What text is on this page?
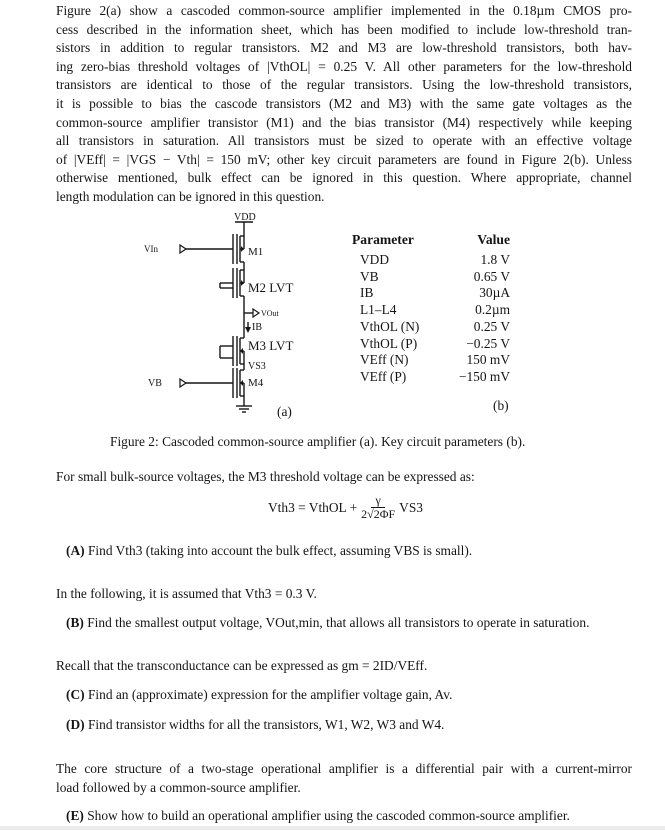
Figure 2(a) show a cascoded common-source amplifier implemented in the 0.18µm CMOS pro-
cess described in the information sheet, which has been modified to include low-threshold tran-
sistors in addition to regular transistors. M2 and M3 are low-threshold transistors, both hav-
ing zero-bias threshold voltages of |VthOL| = 0.25 V. All other parameters for the low-threshold
transistors are identical to those of the regular transistors. Using the low-threshold transistors,
it is possible to bias the cascode transistors (M2 and M3) with the same gate voltages as the
common-source amplifier transistor (M1) and the bias transistor (M4) respectively while keeping
all transistors in saturation. All transistors must be sized to operate with an effective voltage
of |VEff| = |VGS − Vth| = 150 mV; other key circuit parameters are found in Figure 2(b). Unless
otherwise mentioned, bulk effect can be ignored in this question. Where appropriate, channel
length modulation can be ignored in this question.

VDD
VIn	M1
M2 LVT
VOut
IB
M3 LVT
VS3
M4
VB
Parameter	Value
VDD	1.8 V
VB	0.65 V
IB	30µA
L1–L4	0.2µm
VthOL (N)	0.25 V
VthOL (P)	−0.25 V
VEff (N)	150 mV
VEff (P)	−150 mV
(a)	(b)
Figure 2: Cascoded common-source amplifier (a). Key circuit parameters (b).
For small bulk-source voltages, the M3 threshold voltage can be expressed as:
Vth3 = VthOL + $\frac{\gamma}{2√2\Phi F} VS3$
(A) Find Vth3 (taking into account the bulk effect, assuming VBS is small).
In the following, it is assumed that Vth3 = 0.3 V.
(B) Find the smallest output voltage, VOut,min, that allows all transistors to operate in saturation.
Recall that the transconductance can be expressed as gm = 2ID/VEff.
(C) Find an (approximate) expression for the amplifier voltage gain, Av.
(D) Find transistor widths for all the transistors, W1, W2, W3 and W4.
The core structure of a two-stage operational amplifier is a differential pair with a current-mirror
load followed by a common-source amplifier.
(E) Show how to build an operational amplifier using the cascoded common-source amplifier.
